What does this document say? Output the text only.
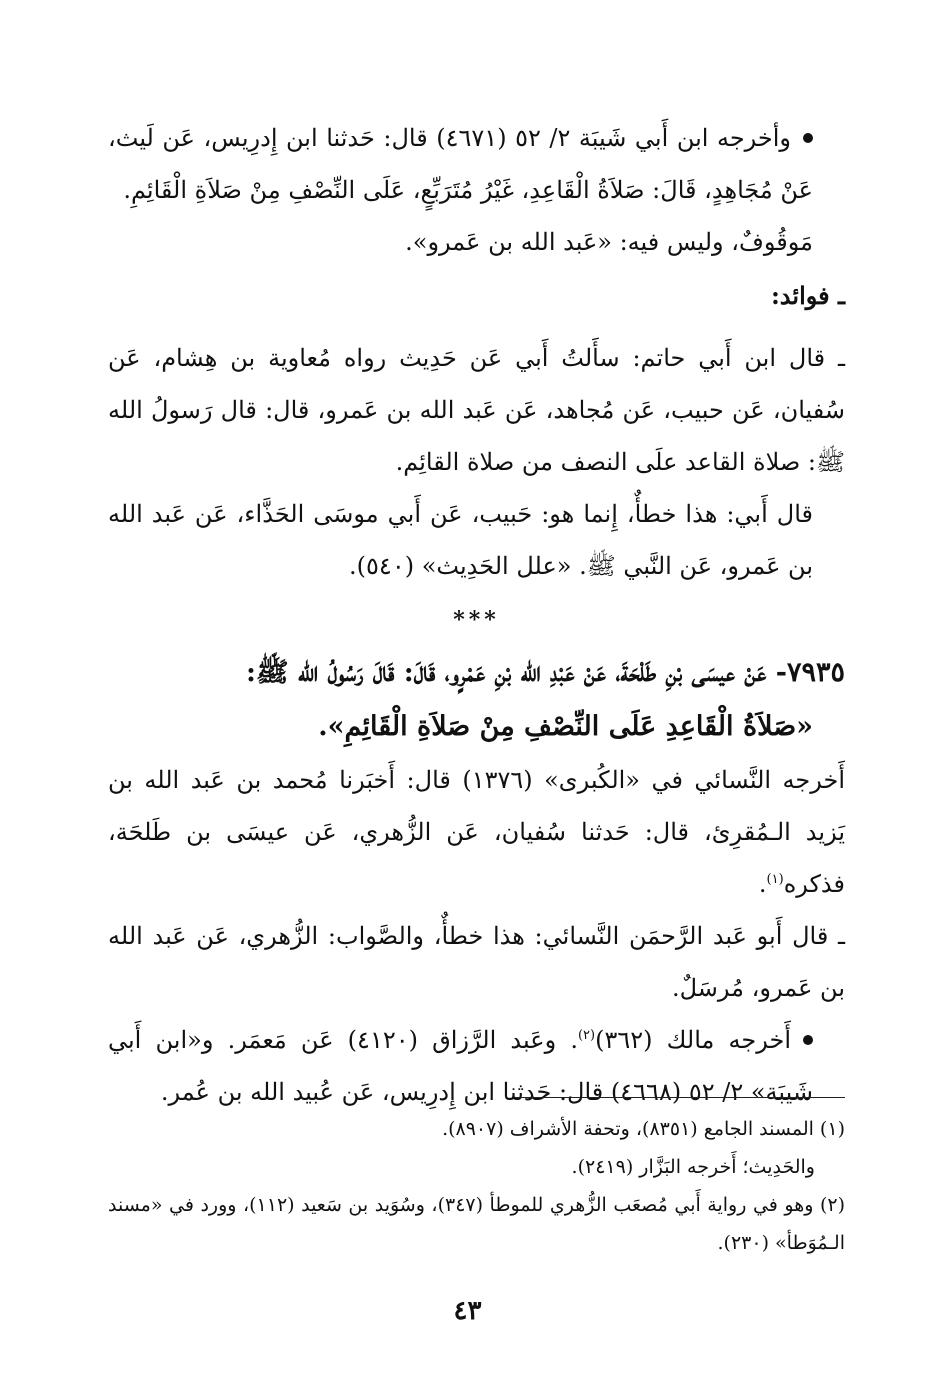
وأخرجه ابن أَبي شَيبَة ٢/ ٥٢ (٤٦٧١) قال: حَدثنا ابن إِدرِيس، عَن لَيث، عَنْ مُجَاهِدٍ، قَالَ: صَلاَةُ الْقَاعِدِ، غَيْرُ مُتَرَبِّعٍ، عَلَى النِّصْفِ مِنْ صَلاَةِ الْقَائِمِ.

مَوقُوفٌ، وليس فيه: «عَبد الله بن عَمرو».

ـ فوائد:

ـ قال ابن أَبي حاتم: سأَلتُ أَبي عَن حَدِيث رواه مُعاوية بن هِشام، عَن سُفيان، عَن حبيب، عَن مُجاهد، عَن عَبد الله بن عَمرو، قال: قال رَسولُ الله ﷺ: صلاة القاعد علَى النصف من صلاة القائِم.

قال أَبي: هذا خطأٌ، إِنما هو: حَبيب، عَن أَبي موسَى الحَذَّاء، عَن عَبد الله بن عَمرو، عَن النَّبي ﷺ. «علل الحَدِيث» (٥٤٠).

***

٧٩٣٥- عَنْ عيسَى بْنِ طَلْحَةَ، عَنْ عَبْدِ الله بْنِ عَمْرٍو، قَالَ: قَالَ رَسُولُ الله ﷺ:

«صَلاَةُ الْقَاعِدِ عَلَى النِّصْفِ مِنْ صَلاَةِ الْقَائِمِ».

أَخرجه النَّسائي في «الكُبرى» (١٣٧٦) قال: أَخبَرنا مُحمد بن عَبد الله بن يَزيد الـمُقرِئ، قال: حَدثنا سُفيان، عَن الزُّهري، عَن عيسَى بن طَلحَة، فذكره$^{(١)}$.

ـ قال أَبو عَبد الرَّحمَن النَّسائي: هذا خطأٌ، والصَّواب: الزُّهري، عَن عَبد الله بن عَمرو، مُرسَلٌ.

أَخرجه مالك (٣٦٢)$^{(٢)}$. وعَبد الرَّزاق (٤١٢٠) عَن مَعمَر. و«ابن أَبي شَيبَة» ٢/ ٥٢ (٤٦٦٨) قال: حَدثنا ابن إِدرِيس، عَن عُبيد الله بن عُمر.

(١) المسند الجامع (٨٣٥١)، وتحفة الأشراف (٨٩٠٧).

والحَدِيث؛ أَخرجه البَزَّار (٢٤١٩).

(٢) وهو في رواية أَبي مُصعَب الزُّهري للموطأ (٣٤٧)، وسُوَيد بن سَعيد (١١٢)، وورد في «مسند الـمُوَطأ» (٢٣٠).

٤٣
